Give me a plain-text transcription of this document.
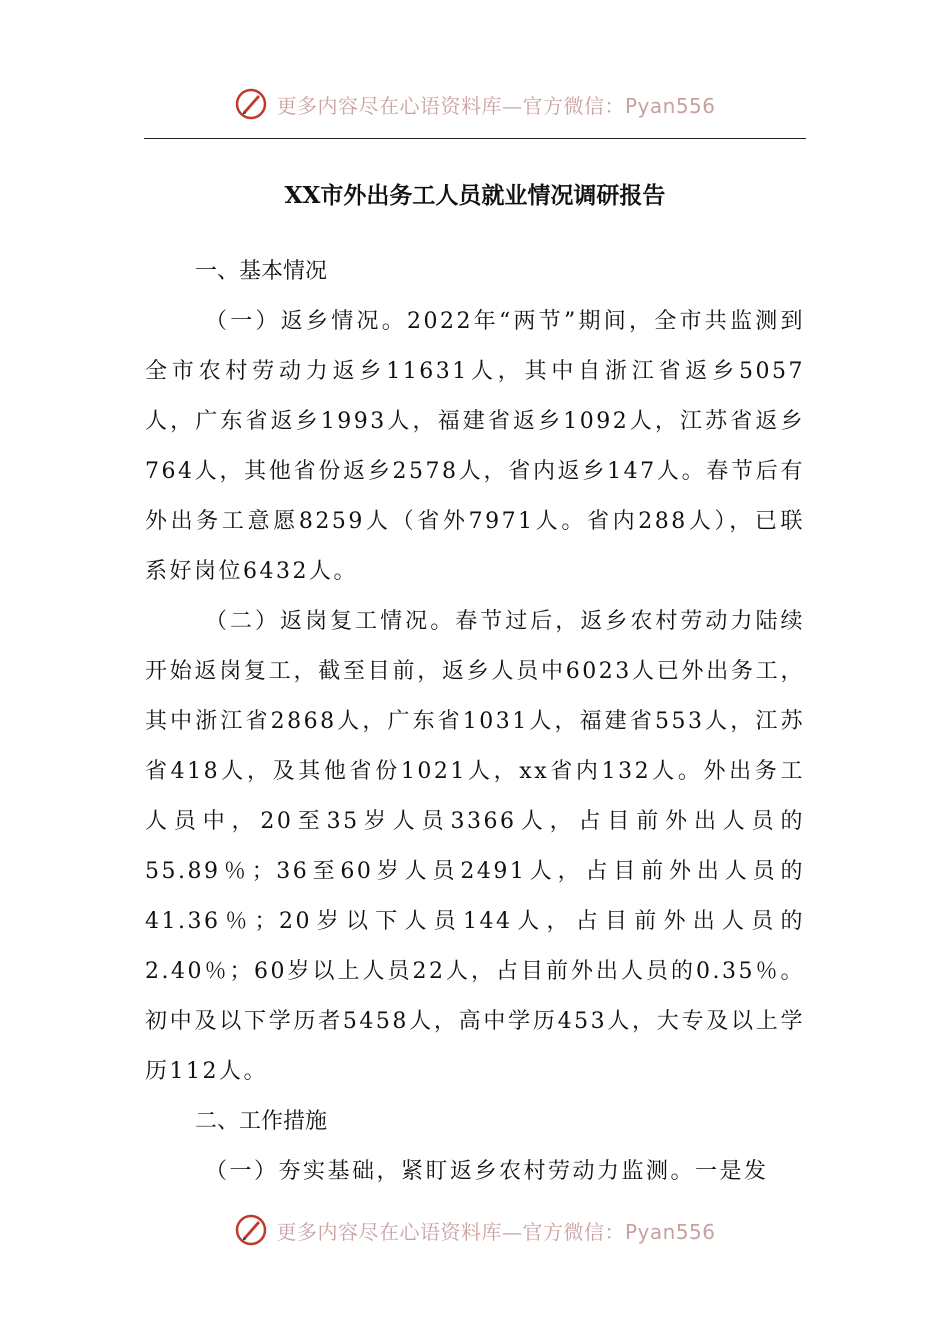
更多内容尽在心语资料库—官方微信：Pyan556
XX市外出务工人员就业情况调研报告
一、基本情况

（一）返乡情况。2022年“两节”期间，全市共监测到全市农村劳动力返乡11631人，其中自浙江省返乡5057人，广东省返乡1993人，福建省返乡1092人，江苏省返乡764人，其他省份返乡2578人，省内返乡147人。春节后有外出务工意愿8259人（省外7971人。省内288人），已联系好岗位6432人。

（二）返岗复工情况。春节过后，返乡农村劳动力陆续开始返岗复工，截至目前，返乡人员中6023人已外出务工，其中浙江省2868人，广东省1031人，福建省553人，江苏省418人，及其他省份1021人，xx省内132人。外出务工人员中，20至35岁人员3366人，占目前外出人员的55.89％；36至60岁人员2491人，占目前外出人员的41.36％；20岁以下人员144人，占目前外出人员的2.40％；60岁以上人员22人，占目前外出人员的0.35％。初中及以下学历者5458人，高中学历453人，大专及以上学历112人。

二、工作措施

（一）夯实基础，紧盯返乡农村劳动力监测。一是发

更多内容尽在心语资料库—官方微信：Pyan556
